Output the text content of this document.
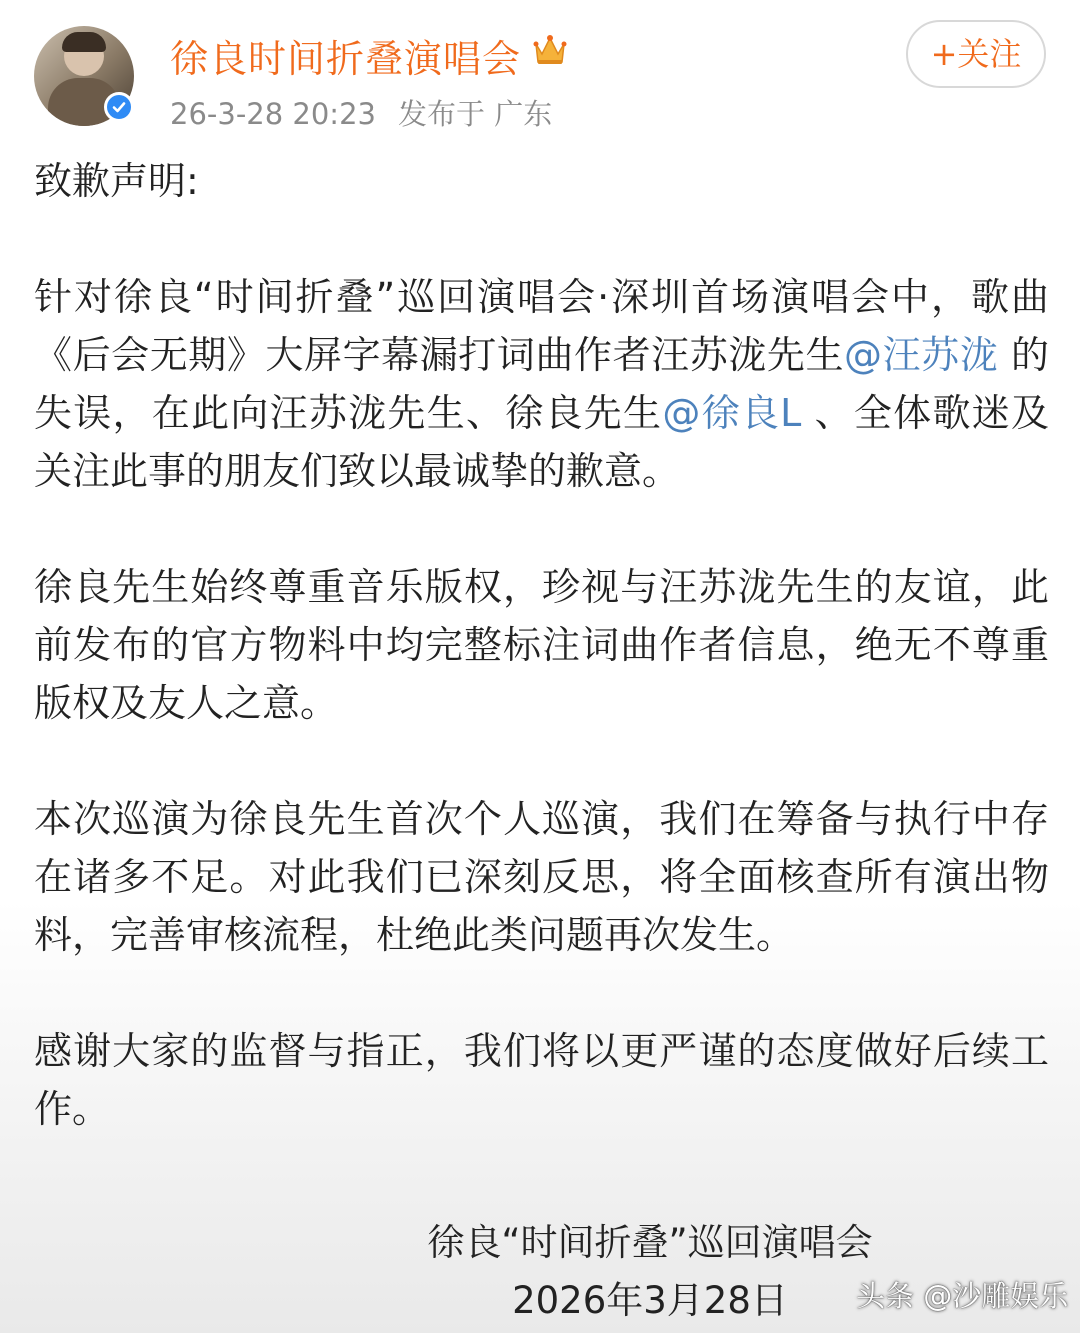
徐良时间折叠演唱会
26-3-28 20:23 发布于 广东
+关注

致歉声明:

针对徐良“时间折叠”巡回演唱会·深圳首场演唱会中，歌曲《后会无期》大屏字幕漏打词曲作者汪苏泷先生@汪苏泷 的失误，在此向汪苏泷先生、徐良先生@徐良L 、全体歌迷及关注此事的朋友们致以最诚挚的歉意。

徐良先生始终尊重音乐版权，珍视与汪苏泷先生的友谊，此前发布的官方物料中均完整标注词曲作者信息，绝无不尊重版权及友人之意。

本次巡演为徐良先生首次个人巡演，我们在筹备与执行中存在诸多不足。对此我们已深刻反思，将全面核查所有演出物料，完善审核流程，杜绝此类问题再次发生。

感谢大家的监督与指正，我们将以更严谨的态度做好后续工作。

徐良“时间折叠”巡回演唱会
2026年3月28日	头条 @沙雕娱乐
